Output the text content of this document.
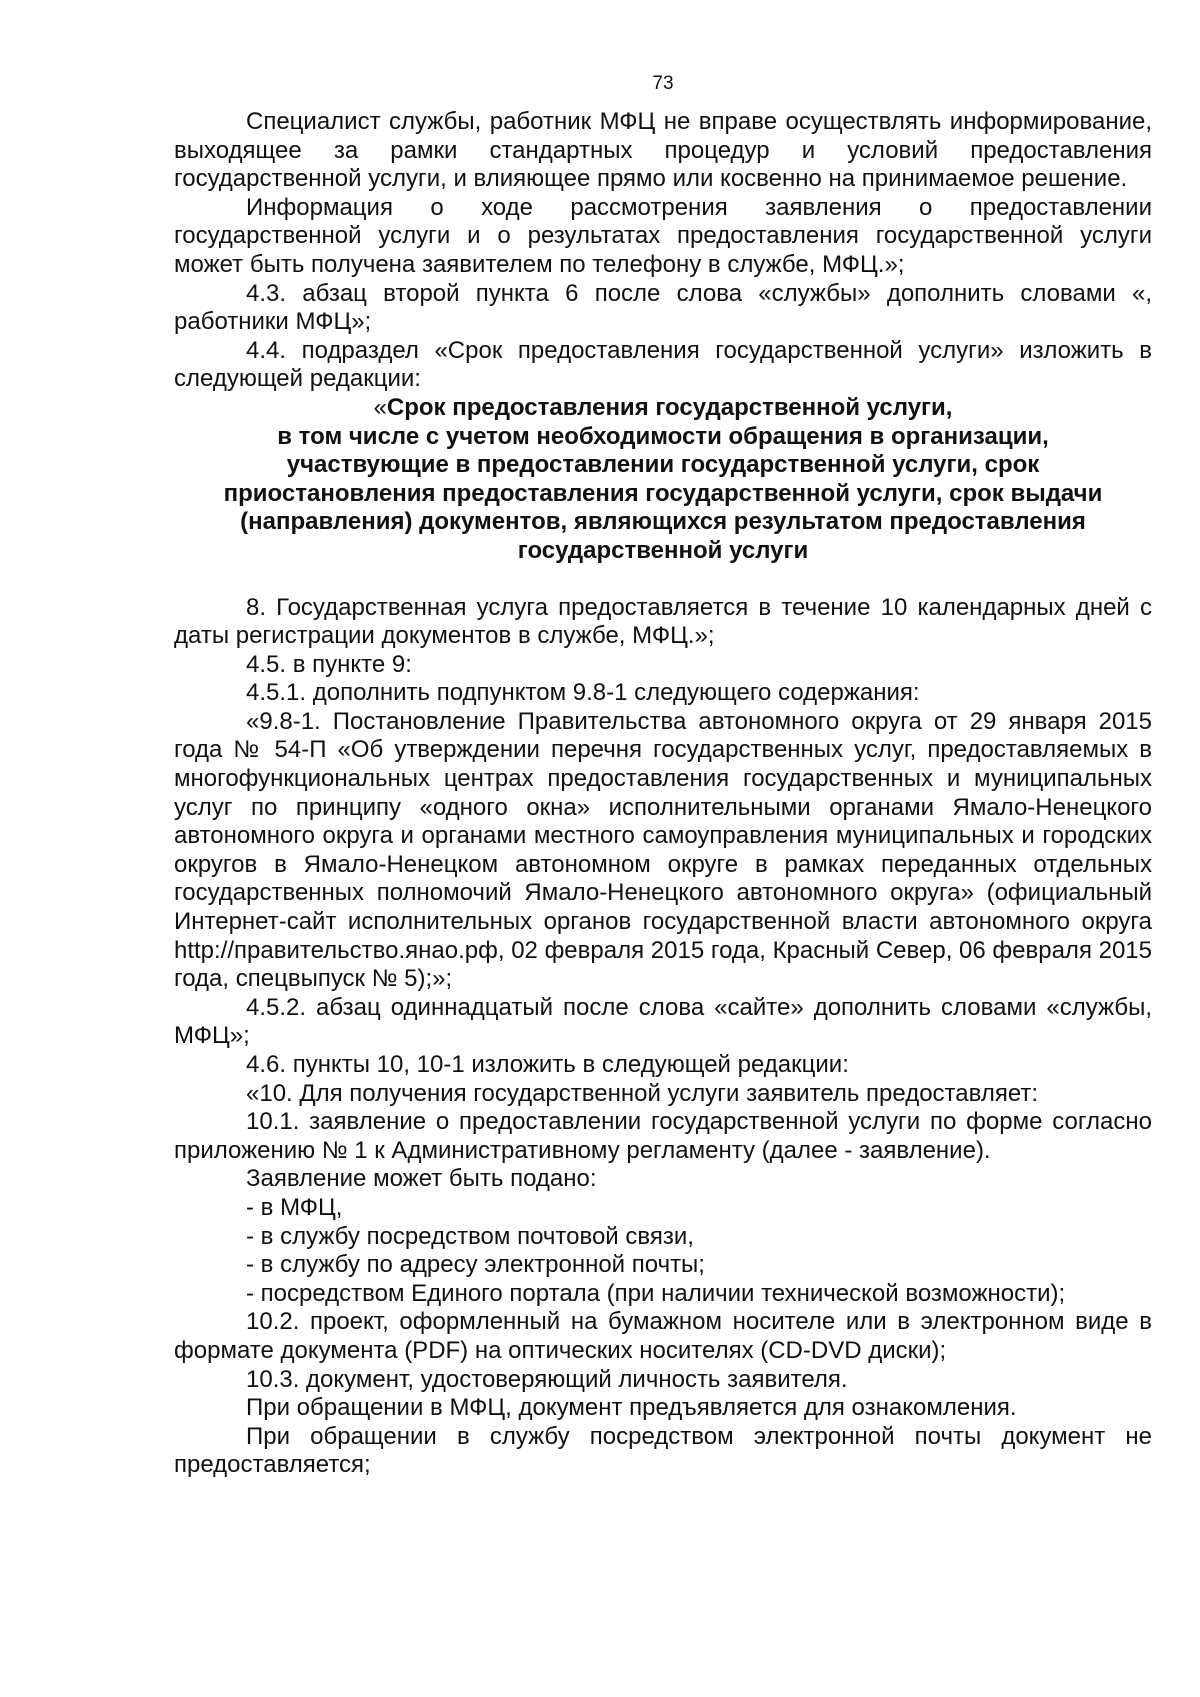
73

Специалист службы, работник МФЦ не вправе осуществлять информирование, выходящее за рамки стандартных процедур и условий предоставления государственной услуги, и влияющее прямо или косвенно на принимаемое решение.

Информация о ходе рассмотрения заявления о предоставлении государственной услуги и о результатах предоставления государственной услуги может быть получена заявителем по телефону в службе, МФЦ.»;

4.3. абзац второй пункта 6 после слова «службы» дополнить словами «, работники МФЦ»;

4.4. подраздел «Срок предоставления государственной услуги» изложить в следующей редакции:

«Срок предоставления государственной услуги,
в том числе с учетом необходимости обращения в организации,
участвующие в предоставлении государственной услуги, срок
приостановления предоставления государственной услуги, срок выдачи
(направления) документов, являющихся результатом предоставления
государственной услуги

8. Государственная услуга предоставляется в течение 10 календарных дней с даты регистрации документов в службе, МФЦ.»;

4.5. в пункте 9:

4.5.1. дополнить подпунктом 9.8-1 следующего содержания:

«9.8-1. Постановление Правительства автономного округа от 29 января 2015 года № 54-П «Об утверждении перечня государственных услуг, предоставляемых в многофункциональных центрах предоставления государственных и муниципальных услуг по принципу «одного окна» исполнительными органами Ямало-Ненецкого автономного округа и органами местного самоуправления муниципальных и городских округов в Ямало-Ненецком автономном округе в рамках переданных отдельных государственных полномочий Ямало-Ненецкого автономного округа» (официальный Интернет-сайт исполнительных органов государственной власти автономного округа http://правительство.янао.рф, 02 февраля 2015 года, Красный Север, 06 февраля 2015 года, спецвыпуск № 5);»;

4.5.2. абзац одиннадцатый после слова «сайте» дополнить словами «службы, МФЦ»;

4.6. пункты 10, 10-1 изложить в следующей редакции:

«10. Для получения государственной услуги заявитель предоставляет:

10.1. заявление о предоставлении государственной услуги по форме согласно приложению № 1 к Административному регламенту (далее - заявление).

Заявление может быть подано:

- в МФЦ,

- в службу посредством почтовой связи,

- в службу по адресу электронной почты;

- посредством Единого портала (при наличии технической возможности);

10.2. проект, оформленный на бумажном носителе или в электронном виде в формате документа (PDF) на оптических носителях (CD-DVD диски);

10.3. документ, удостоверяющий личность заявителя.

При обращении в МФЦ, документ предъявляется для ознакомления.

При обращении в службу посредством электронной почты документ не предоставляется;
